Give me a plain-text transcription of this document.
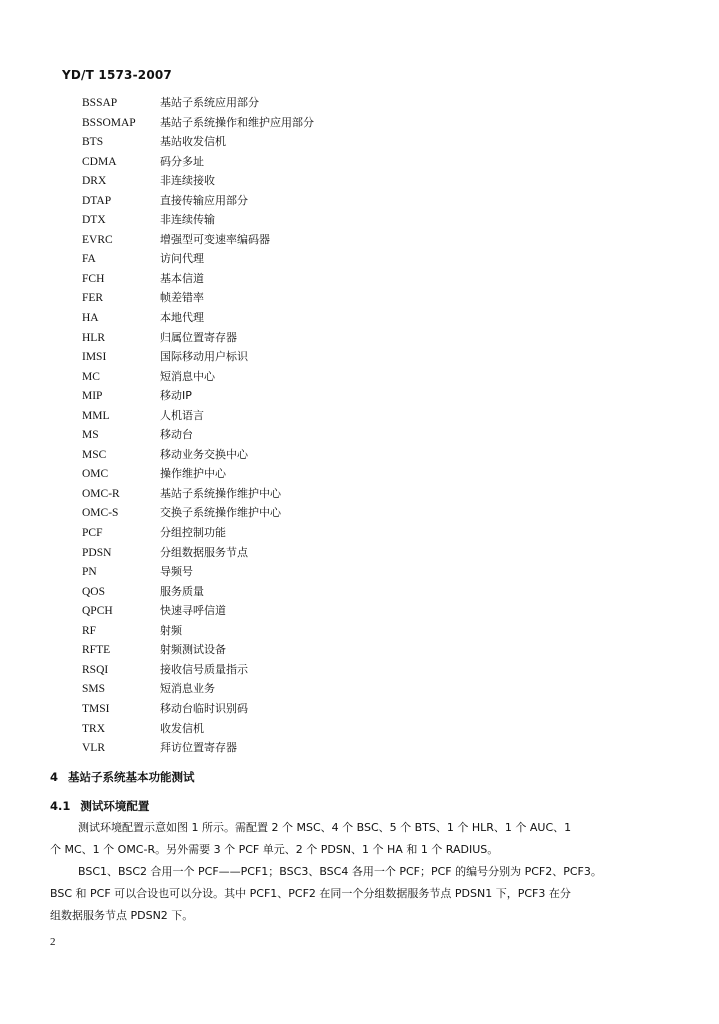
YD/T 1573-2007
BSSAP	基站子系统应用部分
BSSOMAP 基站子系统操作和维护应用部分
BTS	基站收发信机
CDMA	码分多址
DRX	非连续接收
DTAP	直接传输应用部分
DTX	非连续传输
EVRC	增强型可变速率编码器
FA	访问代理
FCH	基本信道
FER	帧差错率
HA	本地代理
HLR	归属位置寄存器
IMSI	国际移动用户标识
MC	短消息中心
MIP	移动IP
MML	人机语言
MS	移动台
MSC	移动业务交换中心
OMC	操作维护中心
OMC-R	基站子系统操作维护中心
OMC-S	交换子系统操作维护中心
PCF	分组控制功能
PDSN	分组数据服务节点
PN	导频号
QOS	服务质量
QPCH	快速寻呼信道
RF	射频
RFTE	射频测试设备
RSQI	接收信号质量指示
SMS	短消息业务
TMSI	移动台临时识别码
TRX	收发信机
VLR	拜访位置寄存器
4 基站子系统基本功能测试
4.1 测试环境配置
测试环境配置示意如图 1 所示。需配置 2 个 MSC、4 个 BSC、5 个 BTS、1 个 HLR、1 个 AUC、1
个 MC、1 个 OMC-R。另外需要 3 个 PCF 单元、2 个 PDSN、1 个 HA 和 1 个 RADIUS。
BSC1、BSC2 合用一个 PCF——PCF1；BSC3、BSC4 各用一个 PCF；PCF 的编号分别为 PCF2、PCF3。
BSC 和 PCF 可以合设也可以分设。其中 PCF1、PCF2 在同一个分组数据服务节点 PDSN1 下，PCF3 在分
组数据服务节点 PDSN2 下。
2
